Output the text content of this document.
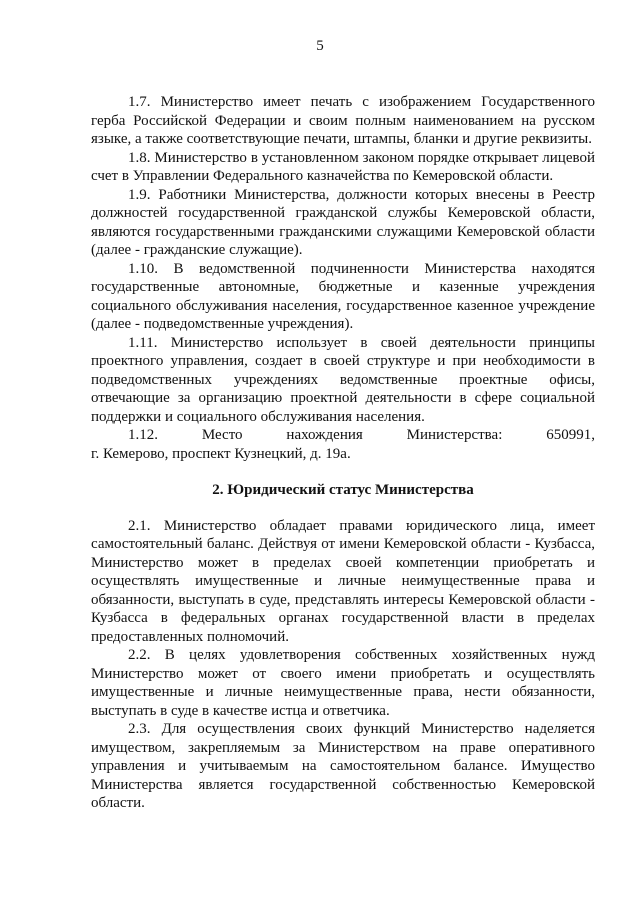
5

1.7. Министерство имеет печать с изображением Государственного герба Российской Федерации и своим полным наименованием на русском языке, а также соответствующие печати, штампы, бланки и другие реквизиты.

1.8. Министерство в установленном законом порядке открывает лицевой счет в Управлении Федерального казначейства по Кемеровской области.

1.9. Работники Министерства, должности которых внесены в Реестр должностей государственной гражданской службы Кемеровской области, являются государственными гражданскими служащими Кемеровской области (далее - гражданские служащие).

1.10. В ведомственной подчиненности Министерства находятся государственные автономные, бюджетные и казенные учреждения социального обслуживания населения, государственное казенное учреждение (далее - подведомственные учреждения).

1.11. Министерство использует в своей деятельности принципы проектного управления, создает в своей структуре и при необходимости в подведомственных учреждениях ведомственные проектные офисы, отвечающие за организацию проектной деятельности в сфере социальной поддержки и социального обслуживания населения.

1.12. Место нахождения Министерства: 650991,

г. Кемерово, проспект Кузнецкий, д. 19а.

2. Юридический статус Министерства

2.1. Министерство обладает правами юридического лица, имеет самостоятельный баланс. Действуя от имени Кемеровской области - Кузбасса, Министерство может в пределах своей компетенции приобретать и осуществлять имущественные и личные неимущественные права и обязанности, выступать в суде, представлять интересы Кемеровской области - Кузбасса в федеральных органах государственной власти в пределах предоставленных полномочий.

2.2. В целях удовлетворения собственных хозяйственных нужд Министерство может от своего имени приобретать и осуществлять имущественные и личные неимущественные права, нести обязанности, выступать в суде в качестве истца и ответчика.

2.3. Для осуществления своих функций Министерство наделяется имуществом, закрепляемым за Министерством на праве оперативного управления и учитываемым на самостоятельном балансе. Имущество Министерства является государственной собственностью Кемеровской области.
